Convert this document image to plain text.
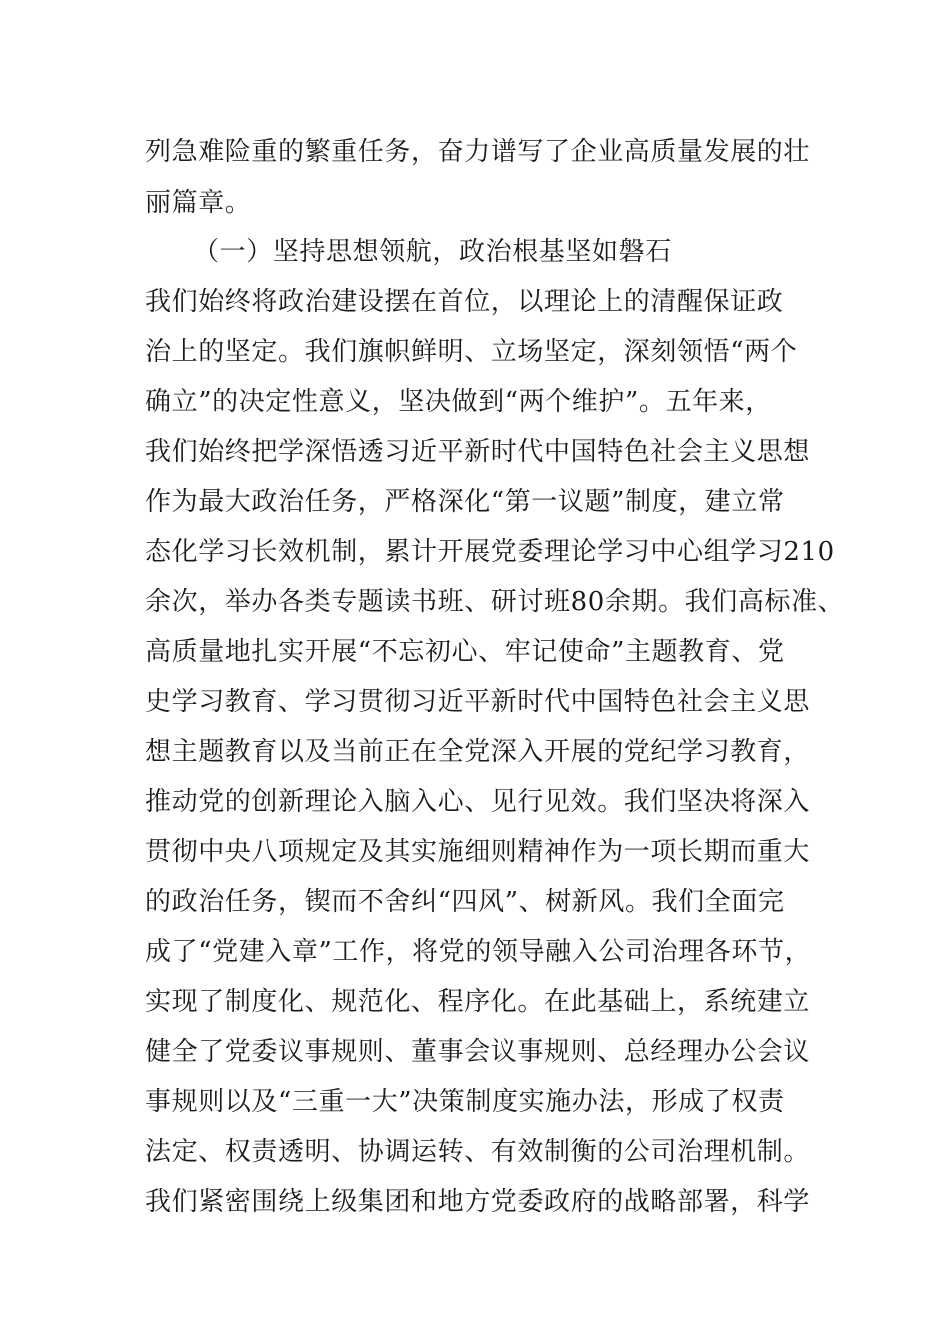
列急难险重的繁重任务，奋力谱写了企业高质量发展的壮
丽篇章。
（一）坚持思想领航，政治根基坚如磐石
我们始终将政治建设摆在首位，以理论上的清醒保证政
治上的坚定。我们旗帜鲜明、立场坚定，深刻领悟“两个
确立”的决定性意义，坚决做到“两个维护”。五年来，
我们始终把学深悟透习近平新时代中国特色社会主义思想
作为最大政治任务，严格深化“第一议题”制度，建立常
态化学习长效机制，累计开展党委理论学习中心组学习210
余次，举办各类专题读书班、研讨班80余期。我们高标准、
高质量地扎实开展“不忘初心、牢记使命”主题教育、党
史学习教育、学习贯彻习近平新时代中国特色社会主义思
想主题教育以及当前正在全党深入开展的党纪学习教育，
推动党的创新理论入脑入心、见行见效。我们坚决将深入
贯彻中央八项规定及其实施细则精神作为一项长期而重大
的政治任务，锲而不舍纠“四风”、树新风。我们全面完
成了“党建入章”工作，将党的领导融入公司治理各环节，
实现了制度化、规范化、程序化。在此基础上，系统建立
健全了党委议事规则、董事会议事规则、总经理办公会议
事规则以及“三重一大”决策制度实施办法，形成了权责
法定、权责透明、协调运转、有效制衡的公司治理机制。
我们紧密围绕上级集团和地方党委政府的战略部署，科学
